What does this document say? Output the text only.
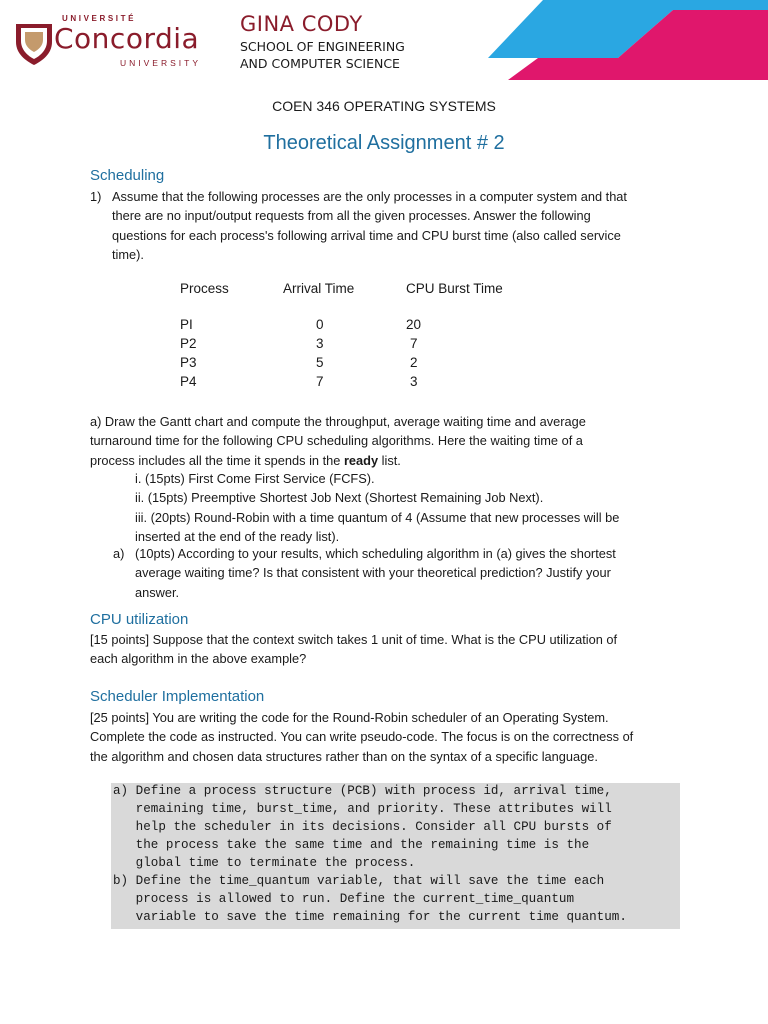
UNIVERSITÉ
Concordia
UNIVERSITY
GINA CODY
SCHOOL OF ENGINEERING
AND COMPUTER SCIENCE
COEN 346 OPERATING SYSTEMS
Theoretical Assignment # 2
Scheduling
1) Assume that the following processes are the only processes in a computer system and that
there are no input/output requests from all the given processes. Answer the following
questions for each process's following arrival time and CPU burst time (also called service
time).
Process	Arrival Time	CPU Burst Time
PI	0	20
P2	3	7
P3	5	2
P4	7	3
a) Draw the Gantt chart and compute the throughput, average waiting time and average
turnaround time for the following CPU scheduling algorithms. Here the waiting time of a
process includes all the time it spends in the ready list.
i. (15pts) First Come First Service (FCFS).
ii. (15pts) Preemptive Shortest Job Next (Shortest Remaining Job Next).
iii. (20pts) Round-Robin with a time quantum of 4 (Assume that new processes will be
inserted at the end of the ready list).
a) (10pts) According to your results, which scheduling algorithm in (a) gives the shortest
average waiting time? Is that consistent with your theoretical prediction? Justify your
answer.
CPU utilization
[15 points] Suppose that the context switch takes 1 unit of time. What is the CPU utilization of
each algorithm in the above example?
Scheduler Implementation
[25 points] You are writing the code for the Round-Robin scheduler of an Operating System.
Complete the code as instructed. You can write pseudo-code. The focus is on the correctness of
the algorithm and chosen data structures rather than on the syntax of a specific language.
a) Define a process structure (PCB) with process id, arrival time,
remaining time, burst_time, and priority. These attributes will
help the scheduler in its decisions. Consider all CPU bursts of
the process take the same time and the remaining time is the
global time to terminate the process.
b) Define the time_quantum variable, that will save the time each
process is allowed to run. Define the current_time_quantum
variable to save the time remaining for the current time quantum.
